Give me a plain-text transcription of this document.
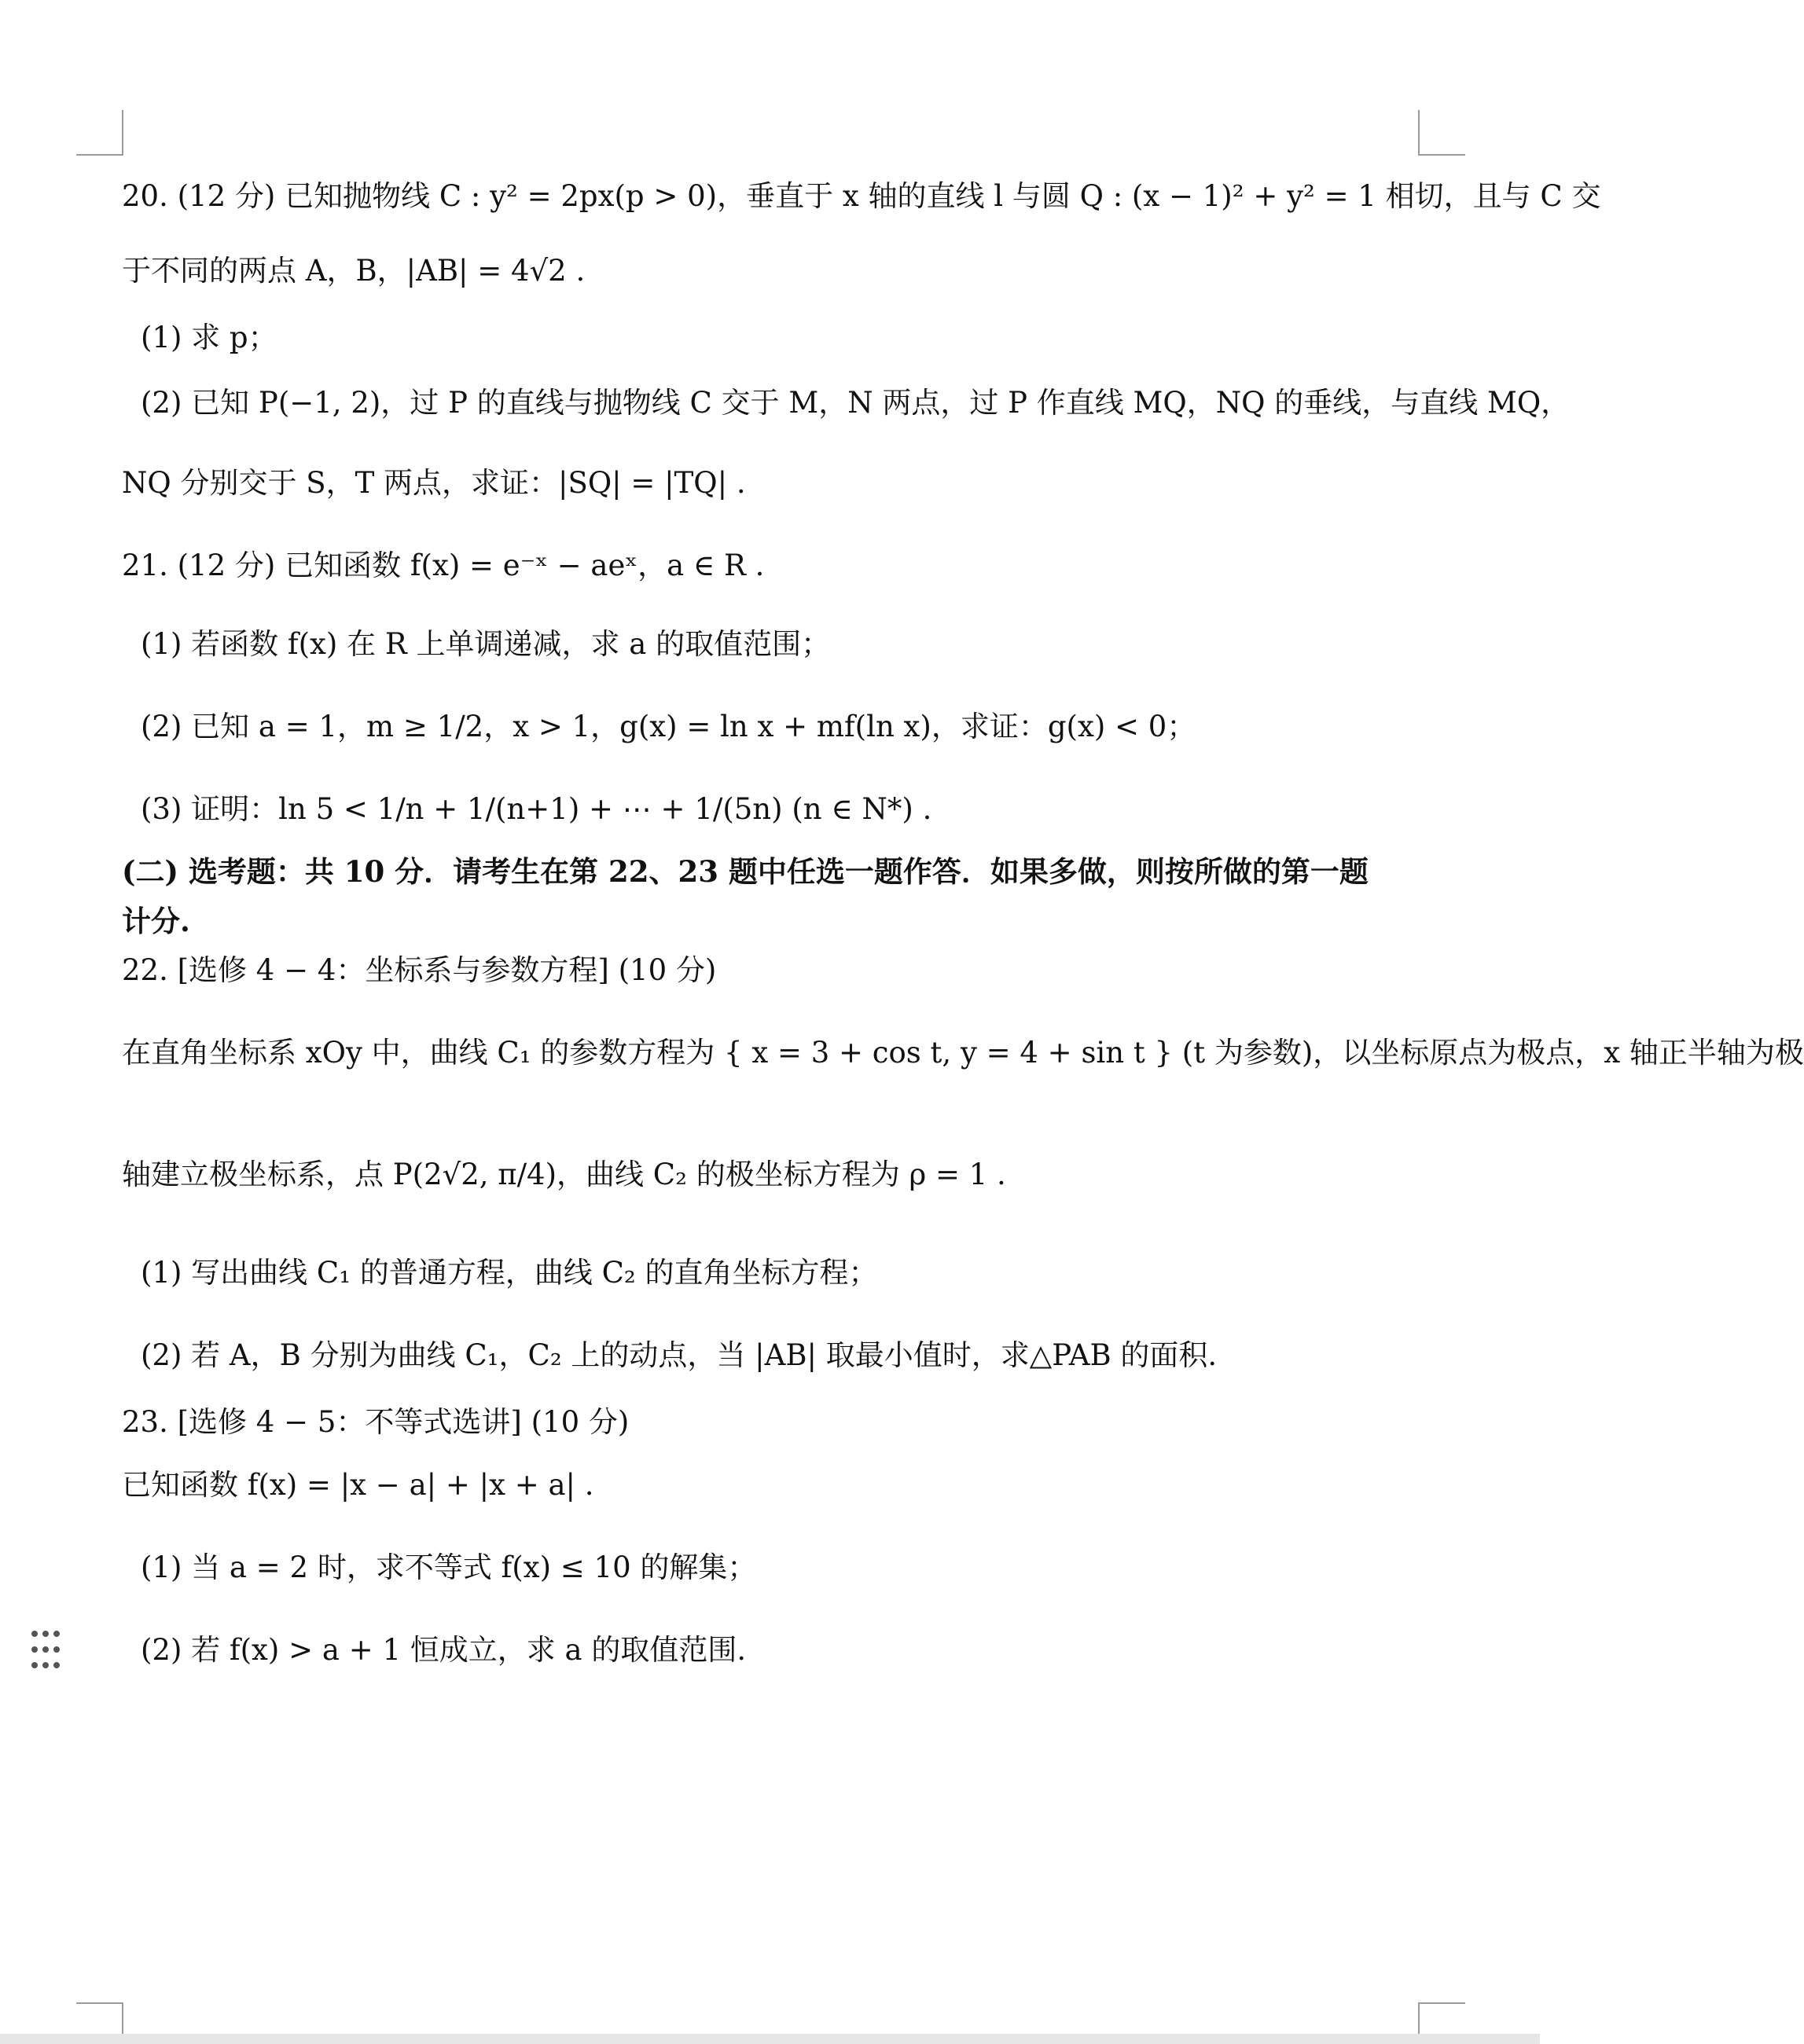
20. (12 分) 已知抛物线 C : y² = 2px(p > 0)，垂直于 x 轴的直线 l 与圆 Q : (x − 1)² + y² = 1 相切，且与 C 交
于不同的两点 A，B，|AB| = 4√2 .
(1) 求 p；
(2) 已知 P(−1, 2)，过 P 的直线与抛物线 C 交于 M，N 两点，过 P 作直线 MQ，NQ 的垂线，与直线 MQ，
NQ 分别交于 S，T 两点，求证：|SQ| = |TQ| .
21. (12 分) 已知函数 f(x) = e⁻ˣ − aeˣ，a ∈ R .
(1) 若函数 f(x) 在 R 上单调递减，求 a 的取值范围；
(2) 已知 a = 1，m ≥ 1/2，x > 1，g(x) = ln x + mf(ln x)，求证：g(x) < 0；
(3) 证明：ln 5 < 1/n + 1/(n+1) + ⋯ + 1/(5n) (n ∈ N*) .
(二) 选考题：共 10 分．请考生在第 22、23 题中任选一题作答．如果多做，则按所做的第一题
计分.
22. [选修 4 − 4：坐标系与参数方程] (10 分)
在直角坐标系 xOy 中，曲线 C₁ 的参数方程为 { x = 3 + cos t, y = 4 + sin t } (t 为参数)，以坐标原点为极点，x 轴正半轴为极
轴建立极坐标系，点 P(2√2, π/4)，曲线 C₂ 的极坐标方程为 ρ = 1 .
(1) 写出曲线 C₁ 的普通方程，曲线 C₂ 的直角坐标方程；
(2) 若 A，B 分别为曲线 C₁，C₂ 上的动点，当 |AB| 取最小值时，求△PAB 的面积.
23. [选修 4 − 5：不等式选讲] (10 分)
已知函数 f(x) = |x − a| + |x + a| .
(1) 当 a = 2 时，求不等式 f(x) ≤ 10 的解集；
(2) 若 f(x) > a + 1 恒成立，求 a 的取值范围.
